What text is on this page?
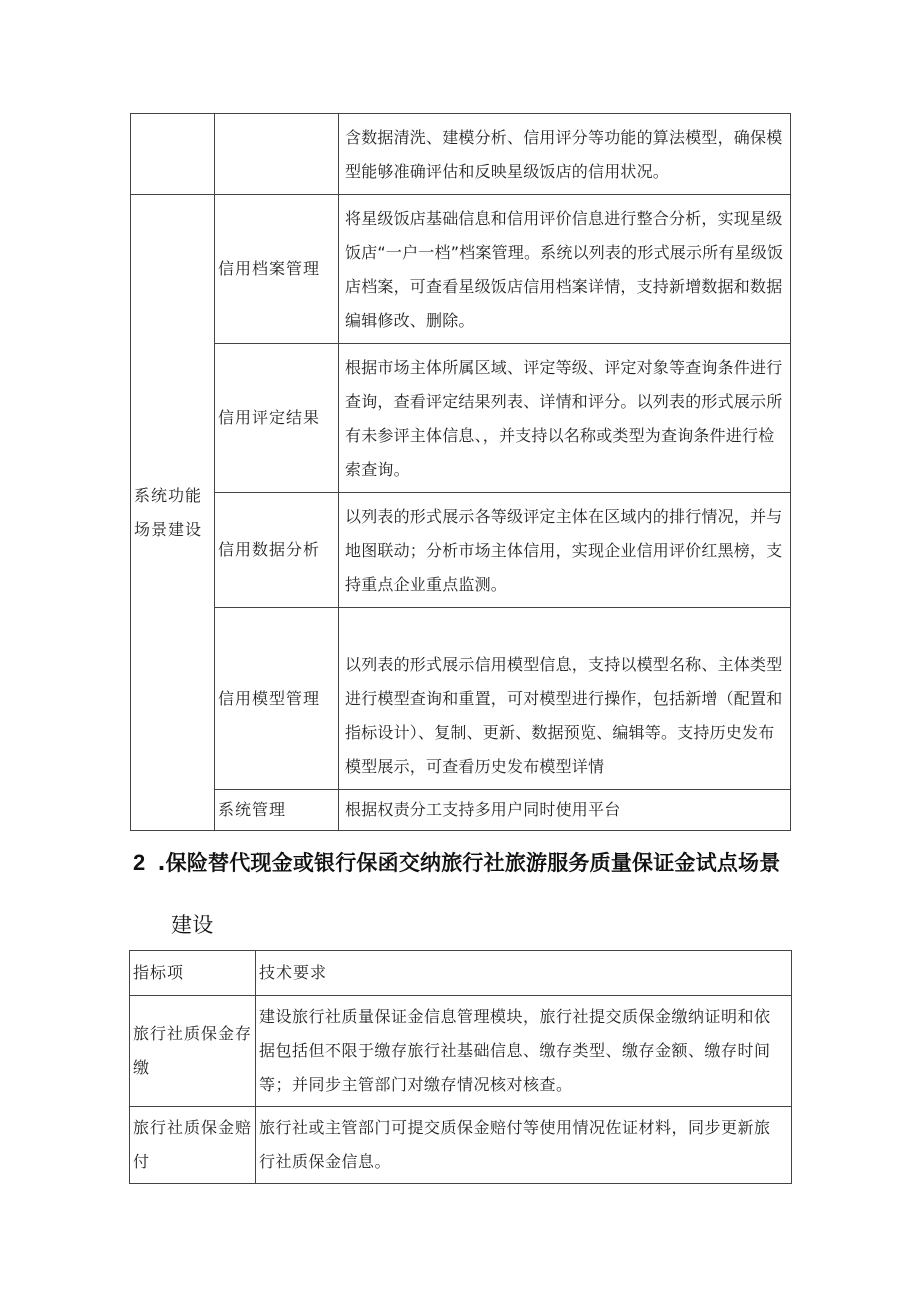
		含数据清洗、建模分析、信用评分等功能的算法模型，确保模型能够准确评估和反映星级饭店的信用状况。
系统功能场景建设	信用档案管理	将星级饭店基础信息和信用评价信息进行整合分析，实现星级饭店“一户一档”档案管理。系统以列表的形式展示所有星级饭店档案，可查看星级饭店信用档案详情，支持新增数据和数据编辑修改、删除。
	信用评定结果	根据市场主体所属区域、评定等级、评定对象等查询条件进行查询，查看评定结果列表、详情和评分。以列表的形式展示所有未参评主体信息、，并支持以名称或类型为查询条件进行检索查询。
	信用数据分析	以列表的形式展示各等级评定主体在区域内的排行情况，并与地图联动；分析市场主体信用，实现企业信用评价红黑榜，支持重点企业重点监测。
	信用模型管理	以列表的形式展示信用模型信息，支持以模型名称、主体类型进行模型查询和重置，可对模型进行操作，包括新增（配置和指标设计）、复制、更新、数据预览、编辑等。支持历史发布模型展示，可查看历史发布模型详情
	系统管理	根据权责分工支持多用户同时使用平台
2 .保险替代现金或银行保函交纳旅行社旅游服务质量保证金试点场景
建设
指标项	技术要求
旅行社质保金存缴	建设旅行社质量保证金信息管理模块，旅行社提交质保金缴纳证明和依据包括但不限于缴存旅行社基础信息、缴存类型、缴存金额、缴存时间等；并同步主管部门对缴存情况核对核查。
旅行社质保金赔付	旅行社或主管部门可提交质保金赔付等使用情况佐证材料，同步更新旅行社质保金信息。
